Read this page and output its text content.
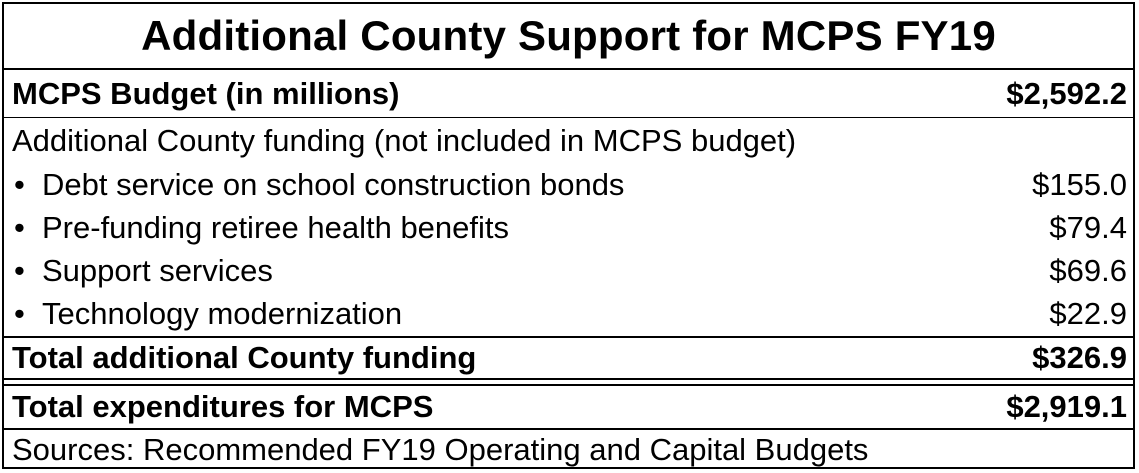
Additional County Support for MCPS FY19
MCPS Budget (in millions)	$2,592.2
Additional County funding (not included in MCPS budget)
• Debt service on school construction bonds	$155.0
• Pre-funding retiree health benefits	$79.4
• Support services	$69.6
• Technology modernization	$22.9
Total additional County funding	$326.9
Total expenditures for MCPS	$2,919.1
Sources: Recommended FY19 Operating and Capital Budgets
